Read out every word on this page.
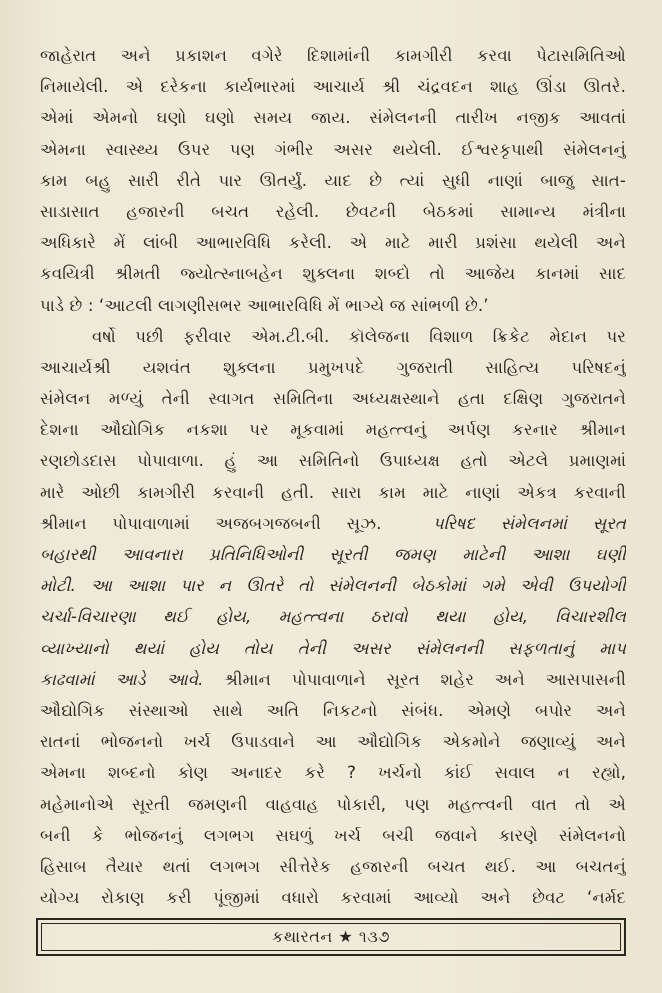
જાહેરાત અને પ્રકાશન વગેરે દિશામાંની કામગીરી કરવા પેટાસમિતિઓ
નિમાયેલી. એ દરેકના કાર્યભારમાં આચાર્ય શ્રી ચંદ્રવદન શાહ ઊંડા ઊતરે.
એમાં એમનો ઘણો ઘણો સમય જાય. સંમેલનની તારીખ નજીક આવતાં
એમના સ્વાસ્થ્ય ઉપર પણ ગંભીર અસર થયેલી. ઈશ્વરકૃપાથી સંમેલનનું
કામ બહુ સારી રીતે પાર ઊતર્યું. યાદ છે ત્યાં સુધી નાણાં બાજુ સાત-
સાડાસાત હજારની બચત રહેલી. છેવટની બેઠકમાં સામાન્ય મંત્રીના
અધિકારે મેં લાંબી આભારવિધિ કરેલી. એ માટે મારી પ્રશંસા થયેલી અને
કવયિત્રી શ્રીમતી જ્યોત્સ્નાબહેન શુક્લના શબ્દો તો આજેય કાનમાં સાદ
પાડે છે : ‘આટલી લાગણીસભર આભારવિધિ મેં ભાગ્યે જ સાંભળી છે.’
વર્ષો પછી ફરીવાર એમ.ટી.બી. કૉલેજના વિશાળ ક્રિકેટ મેદાન પર
આચાર્યશ્રી યશવંત શુક્લના પ્રમુખપદે ગુજરાતી સાહિત્ય પરિષદનું
સંમેલન મળ્યું તેની સ્વાગત સમિતિના અધ્યક્ષસ્થાને હતા દક્ષિણ ગુજરાતને
દેશના ઔદ્યોગિક નકશા પર મૂકવામાં મહત્ત્વનું અર્પણ કરનાર શ્રીમાન
રણછોડદાસ પોપાવાળા. હું આ સમિતિનો ઉપાધ્યક્ષ હતો એટલે પ્રમાણમાં
મારે ઓછી કામગીરી કરવાની હતી. સારા કામ માટે નાણાં એકત્ર કરવાની
શ્રીમાન પોપાવાળામાં અજબગજબની સૂઝ.	પરિષદ સંમેલનમાં સૂરત
બહારથી આવનારા પ્રતિનિધિઓની સૂરતી જમણ માટેની આશા ઘણી
મોટી. આ આશા પાર ન ઊતરે તો સંમેલનની બેઠકોમાં ગમે એવી ઉપયોગી
ચર્ચા-વિચારણા થઈ હોય, મહત્ત્વના ઠરાવો થયા હોય, વિચારશીલ
વ્યાખ્યાનો થયાં હોય તોય તેની અસર સંમેલનની સફળતાનું માપ
કાઢવામાં આડે આવે. શ્રીમાન પોપાવાળાને સૂરત શહેર અને આસપાસની
ઔદ્યોગિક સંસ્થાઓ સાથે અતિ નિકટનો સંબંધ. એમણે બપોર અને
રાતનાં ભોજનનો ખર્ચ ઉપાડવાને આ ઔદ્યોગિક એકમોને જણાવ્યું અને
એમના શબ્દનો કોણ અનાદર કરે ? ખર્ચનો કાંઈ સવાલ ન રહ્યો,
મહેમાનોએ સૂરતી જમણની વાહવાહ પોકારી, પણ મહત્ત્વની વાત તો એ
બની કે ભોજનનું લગભગ સઘળું ખર્ચ બચી જવાને કારણે સંમેલનનો
હિસાબ તૈયાર થતાં લગભગ સીત્તેરેક હજારની બચત થઈ. આ બચતનું
યોગ્ય રોકાણ કરી પૂંજીમાં વધારો કરવામાં આવ્યો અને છેવટ ‘નર્મદ
કથારતન ★ ૧૩૭
